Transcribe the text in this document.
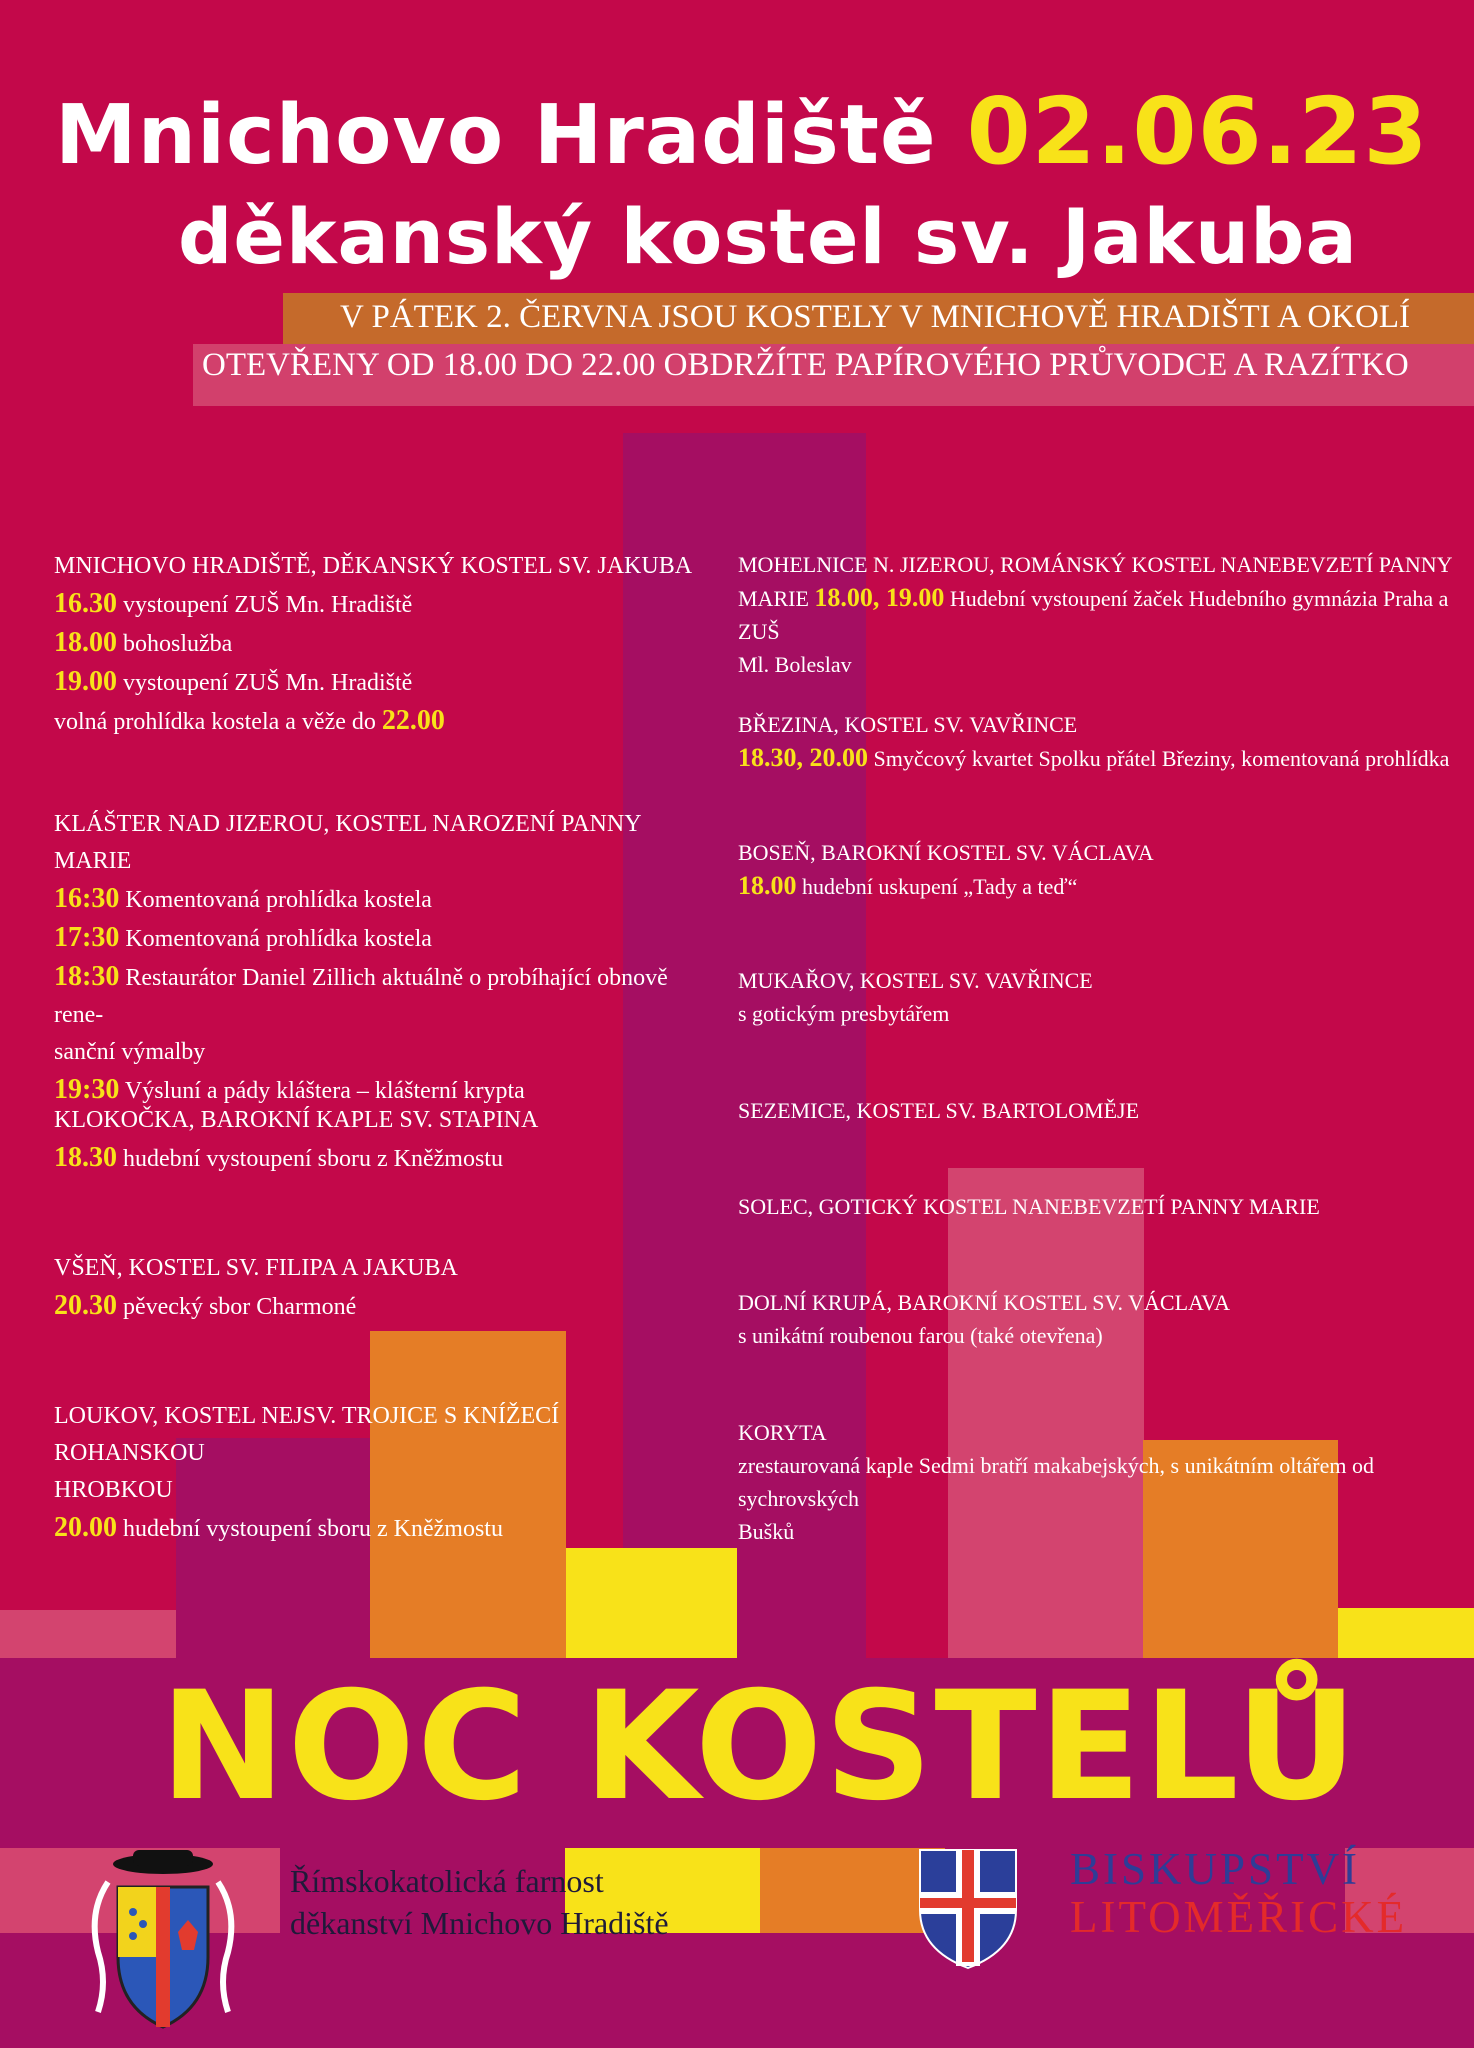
Mnichovo Hradiště 02.06.23
děkanský kostel sv. Jakuba
V PÁTEK 2. ČERVNA JSOU KOSTELY V MNICHOVĚ HRADIŠTI A OKOLÍ
OTEVŘENY OD 18.00 DO 22.00 OBDRŽÍTE PAPÍROVÉHO PRŮVODCE A RAZÍTKO
MNICHOVO HRADIŠTĚ, DĚKANSKÝ KOSTEL SV. JAKUBA
16.30 vystoupení ZUŠ Mn. Hradiště
18.00 bohoslužba
19.00 vystoupení ZUŠ Mn. Hradiště
volná prohlídka kostela a věže do 22.00
KLÁŠTER NAD JIZEROU, KOSTEL NAROZENÍ PANNY MARIE
16:30 Komentovaná prohlídka kostela
17:30 Komentovaná prohlídka kostela
18:30 Restaurátor Daniel Zillich aktuálně o probíhající obnově rene-
sanční výmalby
19:30 Výsluní a pády kláštera – klášterní krypta
KLOKOČKA, BAROKNÍ KAPLE SV. STAPINA
18.30 hudební vystoupení sboru z Kněžmostu
VŠEŇ, KOSTEL SV. FILIPA A JAKUBA
20.30 pěvecký sbor Charmoné
LOUKOV, KOSTEL NEJSV. TROJICE S KNÍŽECÍ ROHANSKOU
HROBKOU
20.00 hudební vystoupení sboru z Kněžmostu
MOHELNICE N. JIZEROU, ROMÁNSKÝ KOSTEL NANEBEVZETÍ PANNY
MARIE 18.00, 19.00 Hudební vystoupení žaček Hudebního gymnázia Praha a ZUŠ
Ml. Boleslav
BŘEZINA, KOSTEL SV. VAVŘINCE
18.30, 20.00 Smyčcový kvartet Spolku přátel Březiny, komentovaná prohlídka
BOSEŇ, BAROKNÍ KOSTEL SV. VÁCLAVA
18.00 hudební uskupení „Tady a teď“
MUKAŘOV, KOSTEL SV. VAVŘINCE
s gotickým presbytářem
SEZEMICE, KOSTEL SV. BARTOLOMĚJE
SOLEC, GOTICKÝ KOSTEL NANEBEVZETÍ PANNY MARIE
DOLNÍ KRUPÁ, BAROKNÍ KOSTEL SV. VÁCLAVA
s unikátní roubenou farou (také otevřena)
KORYTA
zrestaurovaná kaple Sedmi bratří makabejských, s unikátním oltářem od sychrovských
Bušků
NOC KOSTELŮ
Římskokatolická farnost
děkanství Mnichovo Hradiště
BISKUPSTVÍ
LITOMĚŘICKÉ
